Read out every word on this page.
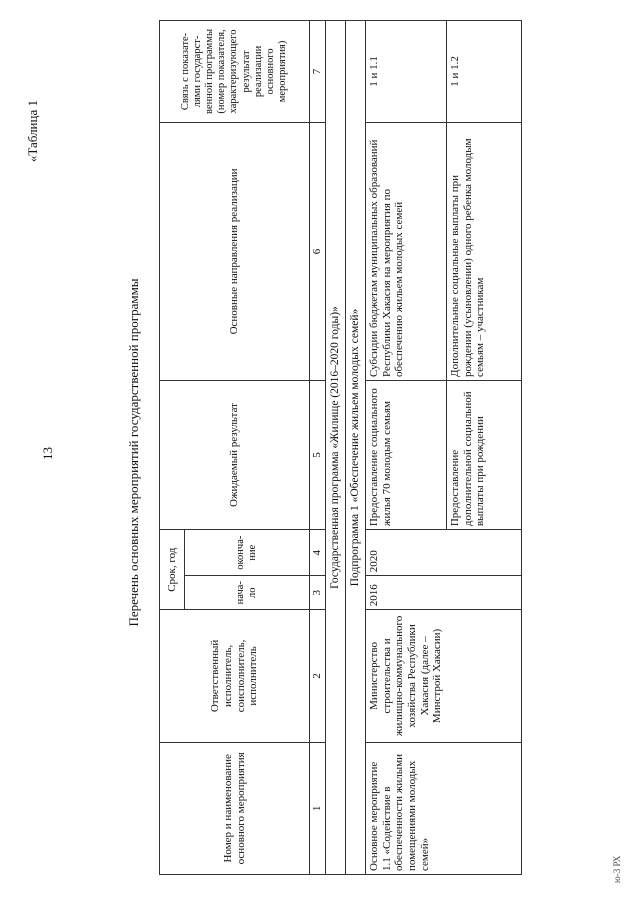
13
«Таблица 1
Перечень основных мероприятий государственной программы
Номер и наименование основного мероприятия	Ответственный исполнитель, соисполнитель, исполнитель	Срок, год		Ожидаемый результат	Основные направления реализации	Связь с показате-лями государст-венной программы (номер показателя, характеризующего результат реализации основного мероприятия)
		нача-ло	оконча-ние			
1	2	3	4	5	6	7
Государственная программа «Жилище (2016–2020 годы)»						
Подпрограмма 1 «Обеспечение жильем молодых семей»						
Основное мероприятие 1.1 «Содействие в обеспеченности жилыми помещениями молодых семей»	Министерство строительства и жилищно-коммунального хозяйства Республики Хакасия (далее – Минстрой Хакасии)	2016	2020	Предоставление социального жилья 70 молодым семьям	Субсидии бюджетам муниципальных образований Республики Хакасия на мероприятия по обеспечению жильем молодых семей	1 и 1.1
				Предоставление дополнительной социальной выплаты при рождении	Дополнительные социальные выплаты при рождении (усыновлении) одного ребенка молодым семьям – участникам	1 и 1.2
ю-3 РХ
